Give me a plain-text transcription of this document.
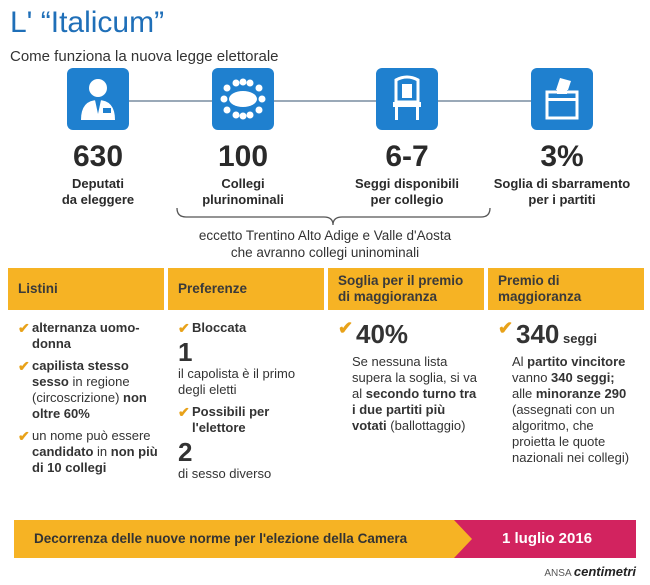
L' “Italicum”
Come funziona la nuova legge elettorale
630
Deputati
da eleggere
100
Collegi
plurinominali
6-7
Seggi disponibili
per collegio
3%
Soglia di sbarramento
per i partiti
eccetto Trentino Alto Adige e Valle d'Aosta
che avranno collegi uninominali
Listini
✔ alternanza uomo-donna
✔ capilista stesso sesso in regione (circoscrizione) non oltre 60%
✔ un nome può essere candidato in non più di 10 collegi
Preferenze
✔ Bloccata
1
il capolista è il primo degli eletti
✔ Possibili per l'elettore
2
di sesso diverso
Soglia per il premio di maggioranza
✔ 40%
Se nessuna lista supera la soglia, si va al secondo turno tra i due partiti più votati (ballottaggio)
Premio di maggioranza
✔ 340 seggi
Al partito vincitore vanno 340 seggi; alle minoranze 290 (assegnati con un algoritmo, che proietta le quote nazionali nei collegi)
Decorrenza delle nuove norme per l'elezione della Camera	1 luglio 2016
ANSA centimetri
